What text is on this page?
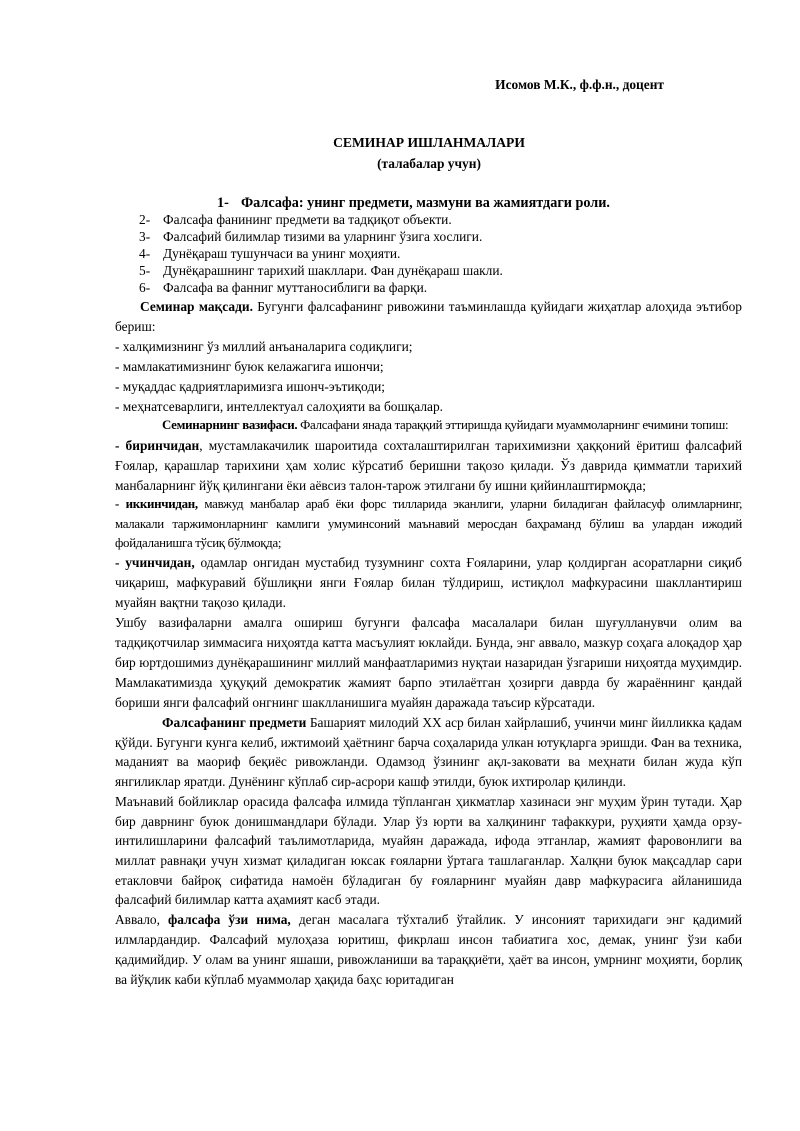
Исомов М.К., ф.ф.н., доцент
СЕМИНАР ИШЛАНМАЛАРИ
(талабалар учун)
1- Фалсафа: унинг предмети, мазмуни ва жамиятдаги роли.
2- Фалсафа фанининг предмети ва тадқиқот объекти.
3- Фалсафий билимлар тизими ва уларнинг ўзига хослиги.
4- Дунёқараш тушунчаси ва унинг моҳияти.
5- Дунёқарашнинг тарихий шакллари. Фан дунёқараш шакли.
6- Фалсафа ва фанниг муттаносиблиги ва фарқи.

Семинар мақсади. Бугунги фалсафанинг ривожини таъминлашда қуйидаги жиҳатлар алоҳида эътибор бериш:

- халқимизнинг ўз миллий анъаналарига содиқлиги;

- мамлакатимизнинг буюк келажагига ишончи;

- муқаддас қадриятларимизга ишонч-эътиқоди;

- меҳнатсеварлиги, интеллектуал салоҳияти ва бошқалар.

Семинарнинг вазифаси. Фалсафани янада тараққий эттиришда қуйидаги муаммоларнинг ечимини топиш:

- биринчидан, мустамлакачилик шароитида сохталаштирилган тарихимизни ҳаққоний ёритиш фалсафий Ғоялар, қарашлар тарихини ҳам холис кўрсатиб беришни тақозо қилади. Ўз даврида қимматли тарихий манбаларнинг йўқ қилингани ёки аёвсиз талон-тарож этилгани бу ишни қийинлаштирмоқда;

- иккинчидан, мавжуд манбалар араб ёки форс тилларида эканлиги, уларни биладиган файласуф олимларнинг, малакали таржимонларнинг камлиги умуминсоний маънавий меросдан баҳраманд бўлиш ва улардан ижодий фойдаланишга тўсиқ бўлмоқда;

- учинчидан, одамлар онгидан мустабид тузумнинг сохта Ғояларини, улар қолдирган асоратларни сиқиб чиқариш, мафкуравий бўшлиқни янги Ғоялар билан тўлдириш, истиқлол мафкурасини шакллантириш муайян вақтни тақозо қилади.

Ушбу вазифаларни амалга ошириш бугунги фалсафа масалалари билан шуғулланувчи олим ва тадқиқотчилар зиммасига ниҳоятда катта масъулият юклайди. Бунда, энг аввало, мазкур соҳага алоқадор ҳар бир юртдошимиз дунёқарашининг миллий манфаатларимиз нуқтаи назаридан ўзгариши ниҳоятда муҳимдир. Мамлакатимизда ҳуқуқий демократик жамият барпо этилаётган ҳозирги даврда бу жараённинг қандай бориши янги фалсафий онгнинг шаклланишига муайян даражада таъсир кўрсатади.

Фалсафанинг предмети Башарият милодий XX аср билан хайрлашиб, учинчи минг йилликка қадам қўйди. Бугунги кунга келиб, ижтимоий ҳаётнинг барча соҳаларида улкан ютуқларга эришди. Фан ва техника, маданият ва маориф беқиёс ривожланди. Одамзод ўзининг ақл-заковати ва меҳнати билан жуда кўп янгиликлар яратди. Дунёнинг кўплаб сир-асрори кашф этилди, буюк ихтиролар қилинди.

Маънавий бойликлар орасида фалсафа илмида тўпланган ҳикматлар хазинаси энг муҳим ўрин тутади. Ҳар бир даврнинг буюк донишмандлари бўлади. Улар ўз юрти ва халқининг тафаккури, руҳияти ҳамда орзу-интилишларини фалсафий таълимотларида, муайян даражада, ифода этганлар, жамият фаровонлиги ва миллат равнақи учун хизмат қиладиган юксак ғояларни ўртага ташлаганлар. Халқни буюк мақсадлар сари етакловчи байроқ сифатида намоён бўладиган бу ғояларнинг муайян давр мафкурасига айланишида фалсафий билимлар катта аҳамият касб этади.

Аввало, фалсафа ўзи нима, деган масалага тўхталиб ўтайлик. У инсоният тарихидаги энг қадимий илмлардандир. Фалсафий мулоҳаза юритиш, фикрлаш инсон табиатига хос, демак, унинг ўзи каби қадимийдир. У олам ва унинг яшаши, ривожланиши ва тараққиёти, ҳаёт ва инсон, умрнинг моҳияти, борлиқ ва йўқлик каби кўплаб муаммолар ҳақида баҳс юритадиган
